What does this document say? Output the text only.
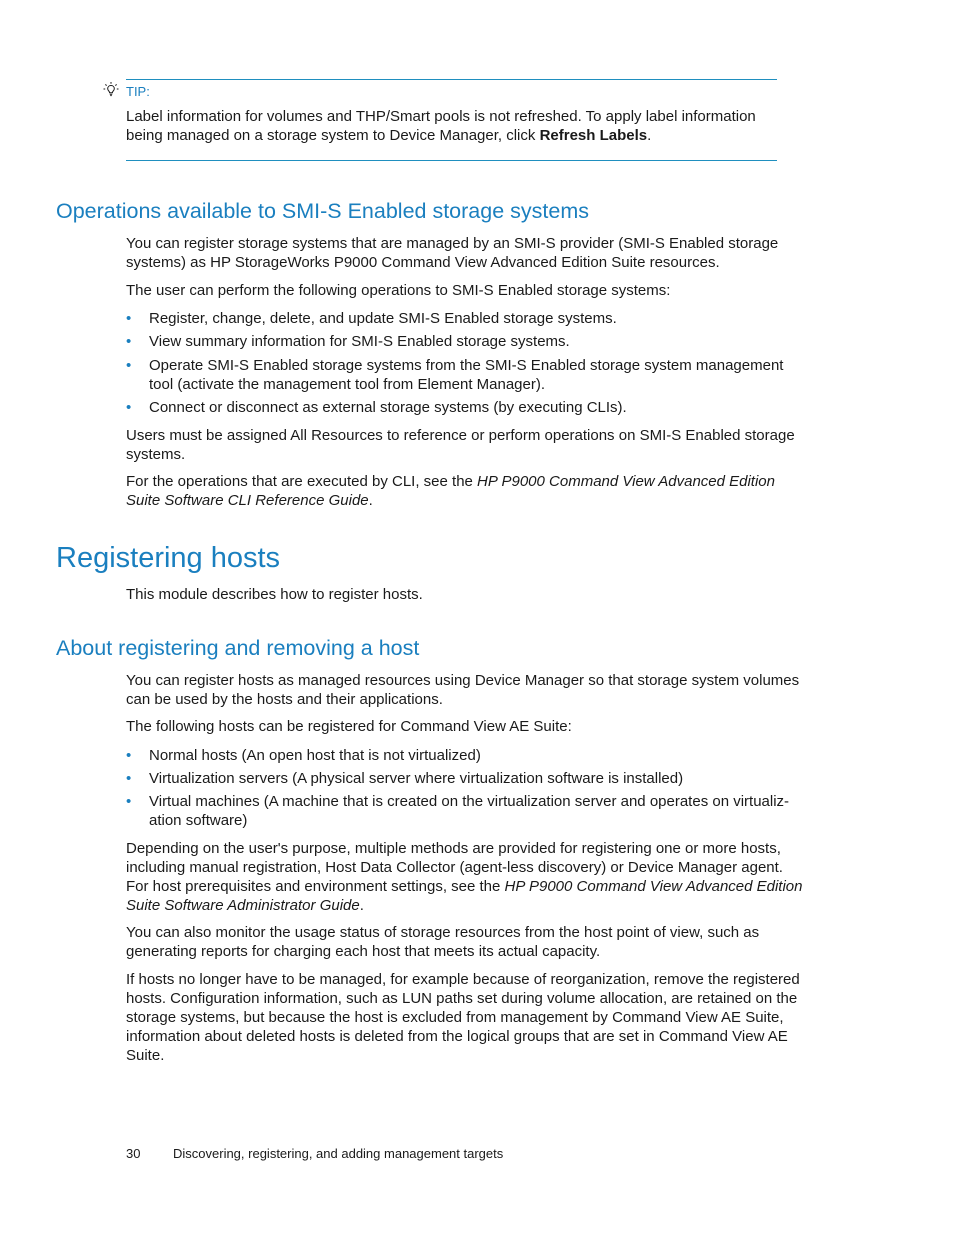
TIP:
Label information for volumes and THP/Smart pools is not refreshed. To apply label information being managed on a storage system to Device Manager, click Refresh Labels.
Operations available to SMI-S Enabled storage systems
You can register storage systems that are managed by an SMI-S provider (SMI-S Enabled storage systems) as HP StorageWorks P9000 Command View Advanced Edition Suite resources.
The user can perform the following operations to SMI-S Enabled storage systems:
• Register, change, delete, and update SMI-S Enabled storage systems.
• View summary information for SMI-S Enabled storage systems.
• Operate SMI-S Enabled storage systems from the SMI-S Enabled storage system management tool (activate the management tool from Element Manager).
• Connect or disconnect as external storage systems (by executing CLIs).
Users must be assigned All Resources to reference or perform operations on SMI-S Enabled storage systems.
For the operations that are executed by CLI, see the HP P9000 Command View Advanced Edition Suite Software CLI Reference Guide.
Registering hosts
This module describes how to register hosts.
About registering and removing a host
You can register hosts as managed resources using Device Manager so that storage system volumes can be used by the hosts and their applications.
The following hosts can be registered for Command View AE Suite:
• Normal hosts (An open host that is not virtualized)
• Virtualization servers (A physical server where virtualization software is installed)
• Virtual machines (A machine that is created on the virtualization server and operates on virtualiz- ation software)
Depending on the user's purpose, multiple methods are provided for registering one or more hosts, including manual registration, Host Data Collector (agent-less discovery) or Device Manager agent. For host prerequisites and environment settings, see the HP P9000 Command View Advanced Edition Suite Software Administrator Guide.
You can also monitor the usage status of storage resources from the host point of view, such as generating reports for charging each host that meets its actual capacity.
If hosts no longer have to be managed, for example because of reorganization, remove the registered hosts. Configuration information, such as LUN paths set during volume allocation, are retained on the storage systems, but because the host is excluded from management by Command View AE Suite, information about deleted hosts is deleted from the logical groups that are set in Command View AE Suite.
30	Discovering, registering, and adding management targets
